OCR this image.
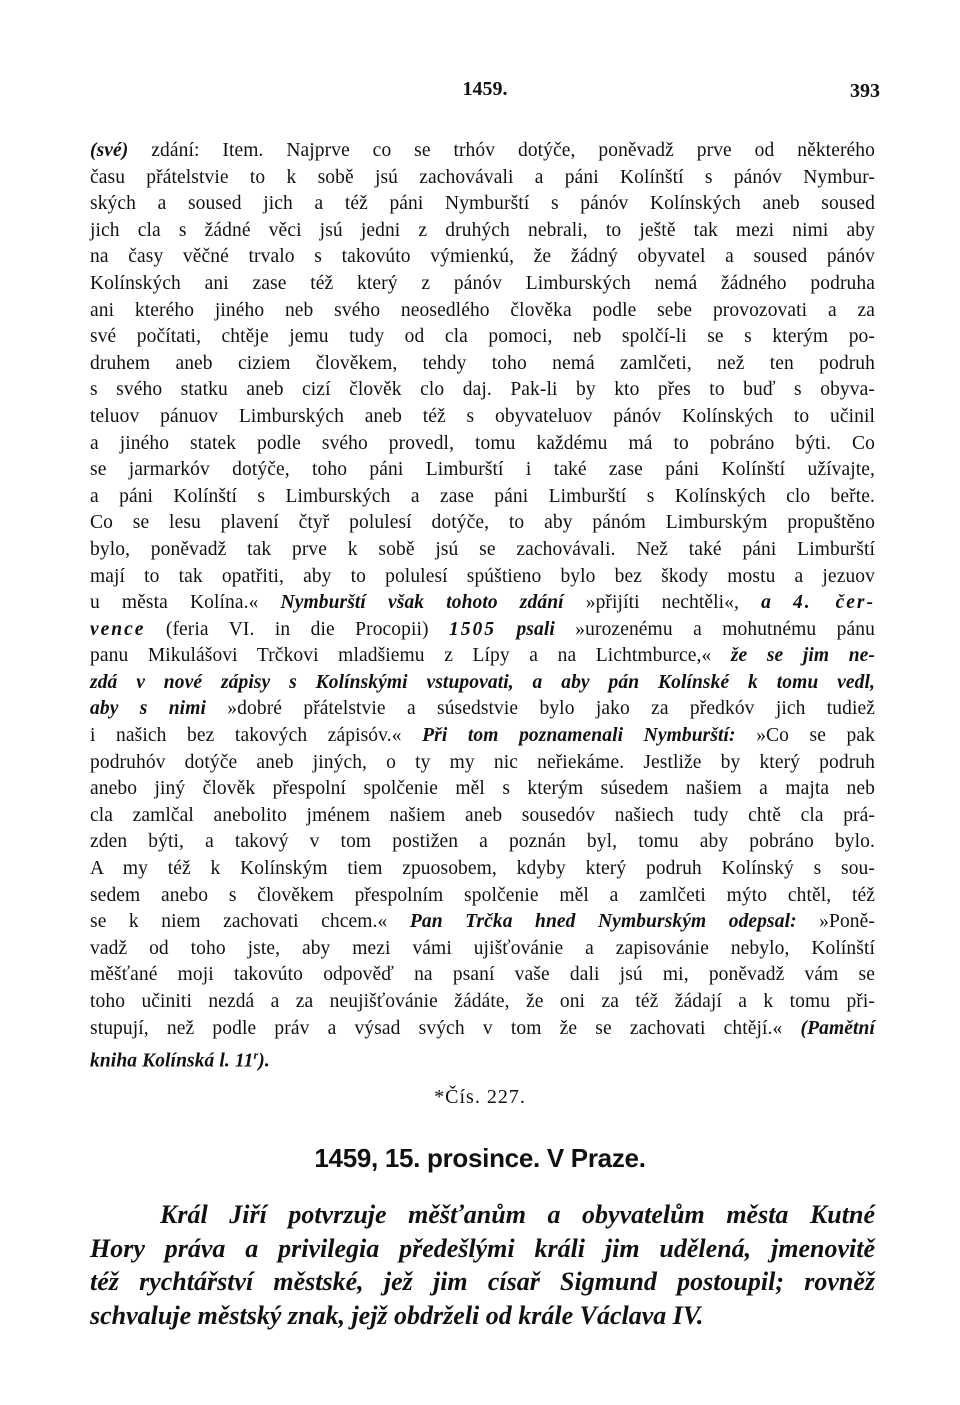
1459.	393
(své) zdání: Item. Najprve co se trhóv dotýče, poněvadž prve od některého
času přátelstvie to k sobě jsú zachovávali a páni Kolínští s pánóv Nymbur-
ských a soused jich a též páni Nymburští s pánóv Kolínských aneb soused
jich cla s žádné věci jsú jedni z druhých nebrali, to ještě tak mezi nimi aby
na časy věčné trvalo s takovúto výmienkú, že žádný obyvatel a soused pánóv
Kolínských ani zase též který z pánóv Limburských nemá žádného podruha
ani kterého jiného neb svého neosedlého člověka podle sebe provozovati a za
své počítati, chtěje jemu tudy od cla pomoci, neb spolčí-li se s kterým po-
druhem aneb ciziem člověkem, tehdy toho nemá zamlčeti, než ten podruh
s svého statku aneb cizí člověk clo daj. Pak-li by kto přes to buď s obyva-
teluov pánuov Limburských aneb též s obyvateluov pánóv Kolínských to učinil
a jiného statek podle svého provedl, tomu každému má to pobráno býti. Co
se jarmarkóv dotýče, toho páni Limburští i také zase páni Kolínští užívajte,
a páni Kolínští s Limburských a zase páni Limburští s Kolínských clo beřte.
Co se lesu plavení čtyř polulesí dotýče, to aby pánóm Limburským propuštěno
bylo, poněvadž tak prve k sobě jsú se zachovávali. Než také páni Limburští
mají to tak opatřiti, aby to polulesí spúštieno bylo bez škody mostu a jezuov
u města Kolína.« Nymburští však tohoto zdání »přijíti nechtěli«, a 4. čer-
vence (feria VI. in die Procopii) 1505 psali »urozenému a mohutnému pánu
panu Mikulášovi Trčkovi mladšiemu z Lípy a na Lichtmburce,« že se jim ne-
zdá v nové zápisy s Kolínskými vstupovati, a aby pán Kolínské k tomu vedl,
aby s nimi »dobré přátelstvie a súsedstvie bylo jako za předkóv jich tudiež
i našich bez takových zápisóv.« Při tom poznamenali Nymburští: »Co se pak
podruhóv dotýče aneb jiných, o ty my nic neřiekáme. Jestliže by který podruh
anebo jiný člověk přespolní spolčenie měl s kterým súsedem našiem a majta neb
cla zamlčal anebolito jménem našiem aneb sousedóv našiech tudy chtě cla prá-
zden býti, a takový v tom postižen a poznán byl, tomu aby pobráno bylo.
A my též k Kolínským tiem zpuosobem, kdyby který podruh Kolínský s sou-
sedem anebo s člověkem přespolním spolčenie měl a zamlčeti mýto chtěl, též
se k niem zachovati chcem.« Pan Trčka hned Nymburským odepsal: »Poně-
vadž od toho jste, aby mezi vámi ujišťovánie a zapisovánie nebylo, Kolínští
měšťané moji takovúto odpověď na psaní vaše dali jsú mi, poněvadž vám se
toho učiniti nezdá a za neujišťovánie žádáte, že oni za též žádají a k tomu při-
stupují, než podle práv a výsad svých v tom že se zachovati chtějí.« (Pamětní
kniha Kolínská l. 11$^r$).
*Čís. 227.
1459, 15. prosince. V Praze.
Král Jiří potvrzuje měšťanům a obyvatelům města Kutné
Hory práva a privilegia předešlými králi jim udělená, jmenovitě
též rychtářství městské, jež jim císař Sigmund postoupil; rovněž
schvaluje městský znak, jejž obdrželi od krále Václava IV.
